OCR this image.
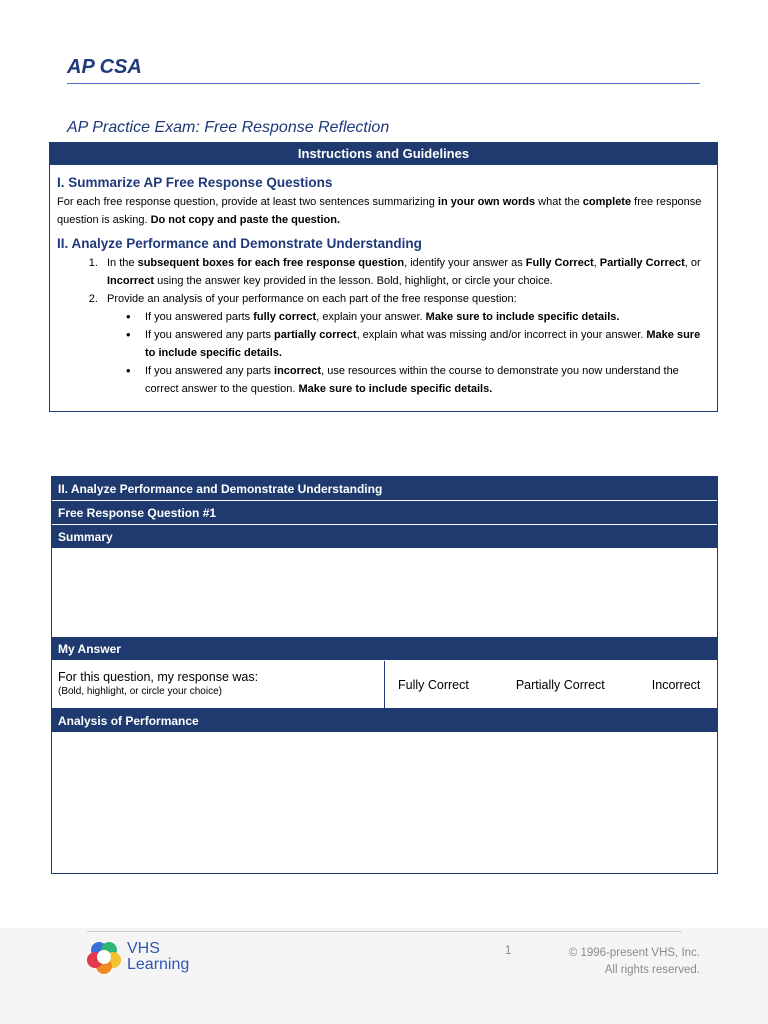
AP CSA
AP Practice Exam: Free Response Reflection
Instructions and Guidelines
I. Summarize AP Free Response Questions

For each free response question, provide at least two sentences summarizing in your own words what the complete free response question is asking. Do not copy and paste the question.

II. Analyze Performance and Demonstrate Understanding
1. In the subsequent boxes for each free response question, identify your answer as Fully Correct, Partially Correct, or Incorrect using the answer key provided in the lesson. Bold, highlight, or circle your choice.
2. Provide an analysis of your performance on each part of the free response question:
• If you answered parts fully correct, explain your answer. Make sure to include specific details.
• If you answered any parts partially correct, explain what was missing and/or incorrect in your answer. Make sure to include specific details.
• If you answered any parts incorrect, use resources within the course to demonstrate you now understand the correct answer to the question. Make sure to include specific details.
II. Analyze Performance and Demonstrate Understanding
Free Response Question #1
Summary
My Answer
For this question, my response was:
(Bold, highlight, or circle your choice)	Fully Correct	Partially Correct	Incorrect
Analysis of Performance
VHS
Learning
1	© 1996-present VHS, Inc.
All rights reserved.
